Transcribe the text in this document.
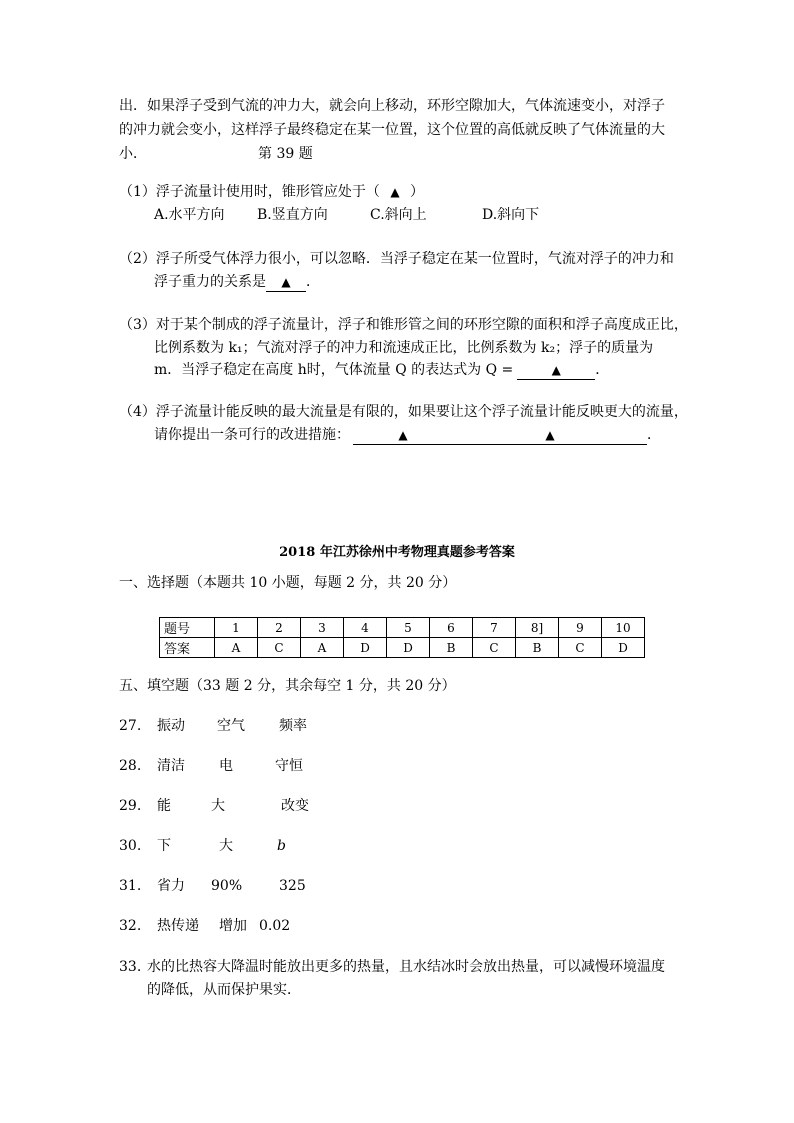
出．如果浮子受到气流的冲力大，就会向上移动，环形空隙加大，气体流速变小，对浮子
的冲力就会变小，这样浮子最终稳定在某一位置，这个位置的高低就反映了气体流量的大
小．	第 39 题
（1）浮子流量计使用时，锥形管应处于（ ▲ ）
A.水平方向 B.竖直方向	C.斜向上	D.斜向下
（2）浮子所受气体浮力很小，可以忽略．当浮子稳定在某一位置时，气流对浮子的冲力和
浮子重力的关系是 ▲ ．
（3）对于某个制成的浮子流量计，浮子和锥形管之间的环形空隙的面积和浮子高度成正比，
比例系数为 k₁；气流对浮子的冲力和流速成正比，比例系数为 k₂；浮子的质量为
m．当浮子稳定在高度 h时，气体流量 Q 的表达式为 Q =	▲ ．
（4）浮子流量计能反映的最大流量是有限的，如果要让这个浮子流量计能反映更大的流量，
请你提出一条可行的改进措施：	▲	▲	．
2018 年江苏徐州中考物理真题参考答案
一、选择题（本题共 10 小题，每题 2 分，共 20 分）
题号	1	2	3	4	5	6	7	8]	9	10
答案	A	C	A	D	D	B	C	B	C	D
五、填空题（33 题 2 分，其余每空 1 分，共 20 分）
27. 振动 空气 频率
28. 清洁 电	守恒
29. 能	大	改变
30. 下	大	b
31. 省力 90%	325
32. 热传递 增加 0.02
33. 水的比热容大降温时能放出更多的热量，且水结冰时会放出热量，可以减慢环境温度
的降低，从而保护果实．
